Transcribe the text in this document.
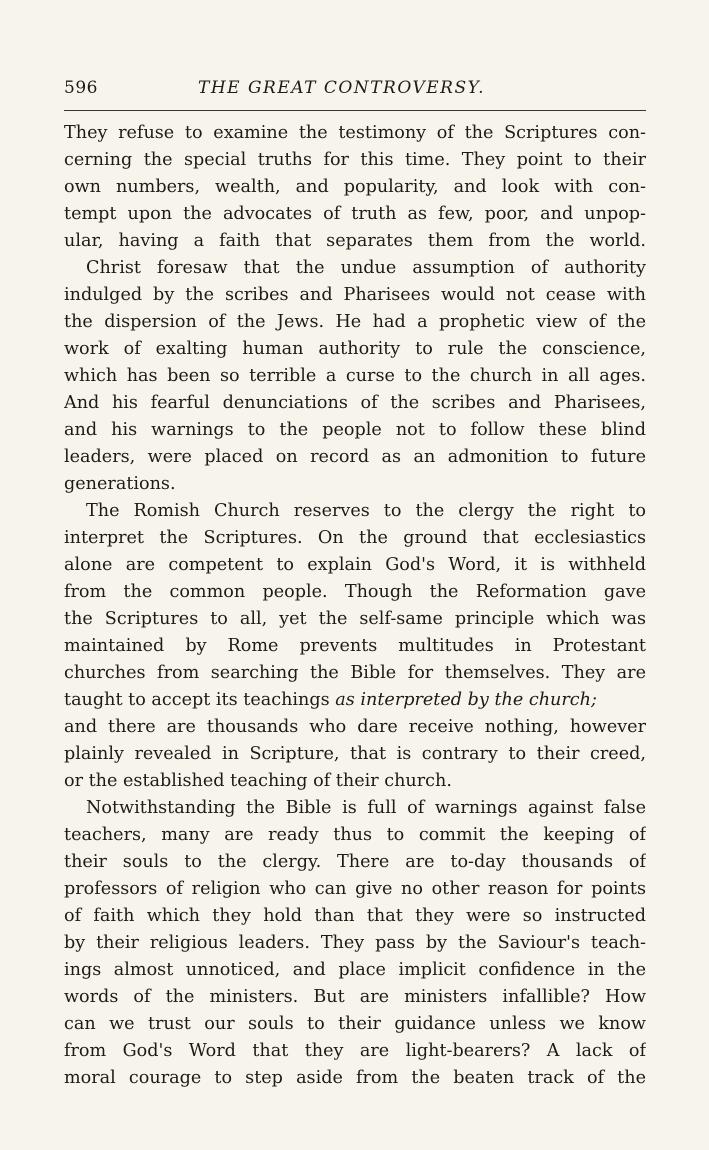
596	THE GREAT CONTROVERSY.
They refuse to examine the testimony of the Scriptures con-
cerning the special truths for this time. They point to their
own numbers, wealth, and popularity, and look with con-
tempt upon the advocates of truth as few, poor, and unpop-
ular, having a faith that separates them from the world.
Christ foresaw that the undue assumption of authority
indulged by the scribes and Pharisees would not cease with
the dispersion of the Jews. He had a prophetic view of the
work of exalting human authority to rule the conscience,
which has been so terrible a curse to the church in all ages.
And his fearful denunciations of the scribes and Pharisees,
and his warnings to the people not to follow these blind
leaders, were placed on record as an admonition to future
generations.
The Romish Church reserves to the clergy the right to
interpret the Scriptures. On the ground that ecclesiastics
alone are competent to explain God's Word, it is withheld
from the common people. Though the Reformation gave
the Scriptures to all, yet the self-same principle which was
maintained by Rome prevents multitudes in Protestant
churches from searching the Bible for themselves. They are
taught to accept its teachings as interpreted by the church;
and there are thousands who dare receive nothing, however
plainly revealed in Scripture, that is contrary to their creed,
or the established teaching of their church.
Notwithstanding the Bible is full of warnings against false
teachers, many are ready thus to commit the keeping of
their souls to the clergy. There are to-day thousands of
professors of religion who can give no other reason for points
of faith which they hold than that they were so instructed
by their religious leaders. They pass by the Saviour's teach-
ings almost unnoticed, and place implicit confidence in the
words of the ministers. But are ministers infallible? How
can we trust our souls to their guidance unless we know
from God's Word that they are light-bearers? A lack of
moral courage to step aside from the beaten track of the
